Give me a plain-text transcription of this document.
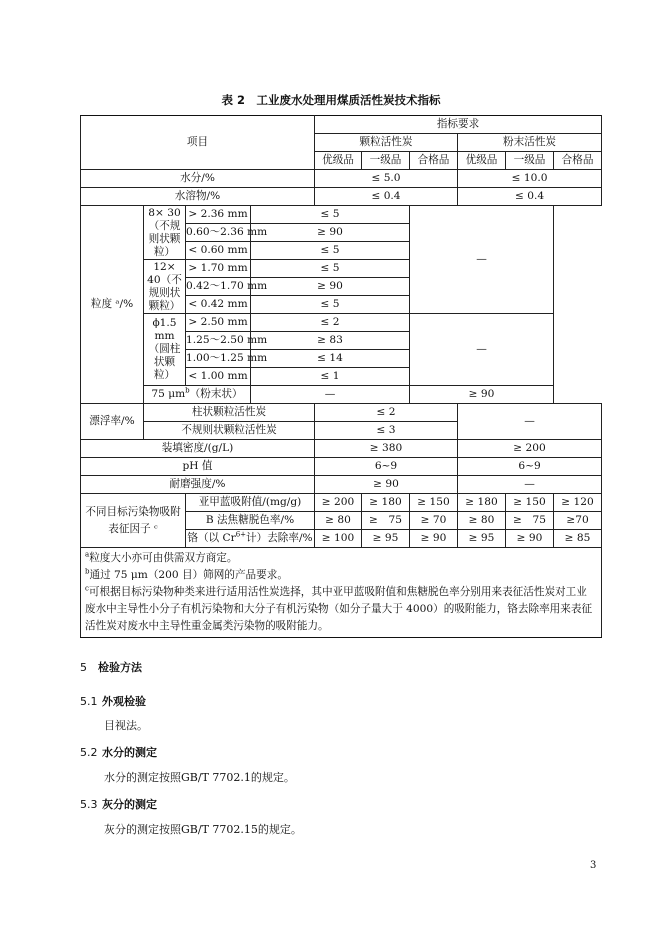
表 2　工业废水处理用煤质活性炭技术指标
项目				指标要求					
				颗粒活性炭			粉末活性炭		
				优级品	一级品	合格品	优级品	一级品	合格品
水分/%				≤ 5.0			≤ 10.0		
水溶物/%				≤ 0.4			≤ 0.4		
粒度 ᵃ/%	8× 30（不规则状颗粒）	> 2.36 mm	≤ 5			—			
		0.60～2.36 mm	≥ 90						
		< 0.60 mm	≤ 5						
	12× 40（不规则状颗粒）	> 1.70 mm	≤ 5						
		0.42～1.70 mm	≥ 90						
		< 0.42 mm	≤ 5						
	ϕ1.5 mm（圆柱状颗粒）	> 2.50 mm	≤ 2			—			
		1.25～2.50 mm	≥ 83						
		1.00～1.25 mm	≤ 14						
		< 1.00 mm	≤ 1						
	75 $\mu m^b$（粉末状）		—			≥ 90			
漂浮率/%	柱状颗粒活性炭			≤ 2			—		
	不规则状颗粒活性炭			≤ 3					
装填密度/(g/L)				≥ 380			≥ 200		
pH 值				6~9			6~9		
耐磨强度/%				≥ 90			—		
不同目标污染物吸附表征因子 ᶜ		亚甲蓝吸附值/(mg/g)		≥ 200	≥ 180	≥ 150	≥ 180	≥ 150	≥ 120
		B 法焦糖脱色率/%		≥ 80	≥　75	≥ 70	≥ 80	≥　75	≥70
		铬（以 $Cr^{6+}$计）去除率/%		≥ 100	≥ 95	≥ 90	≥ 95	≥ 90	≥ 85

$^a$粒度大小亦可由供需双方商定。

$^b$通过 75 μm（200 目）筛网的产品要求。

$^c$可根据目标污染物种类来进行适用活性炭选择，其中亚甲蓝吸附值和焦糖脱色率分别用来表征活性炭对工业废水中主导性小分子有机污染物和大分子有机污染物（如分子量大于 4000）的吸附能力，铬去除率用来表征活性炭对废水中主导性重金属类污染物的吸附能力。									

5 检验方法
5.1 外观检验
目视法。
5.2 水分的测定
水分的测定按照GB/T 7702.1的规定。
5.3 灰分的测定
灰分的测定按照GB/T 7702.15的规定。
3
